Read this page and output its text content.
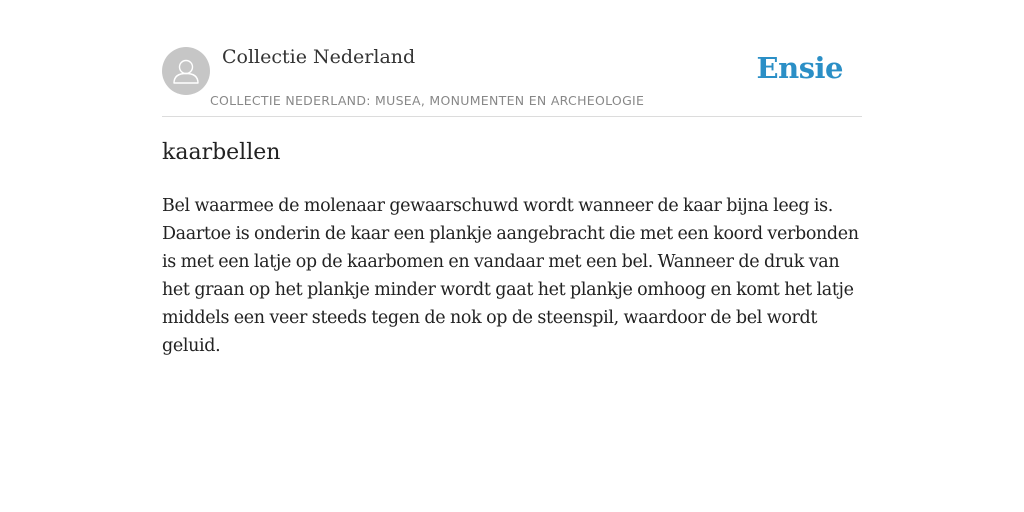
Collectie Nederland
COLLECTIE NEDERLAND: MUSEA, MONUMENTEN EN ARCHEOLOGIE
Ensie
kaarbellen

Bel waarmee de molenaar gewaarschuwd wordt wanneer de kaar bijna leeg is. Daartoe is onderin de kaar een plankje aangebracht die met een koord verbonden is met een latje op de kaarbomen en vandaar met een bel. Wanneer de druk van het graan op het plankje minder wordt gaat het plankje omhoog en komt het latje middels een veer steeds tegen de nok op de steenspil, waardoor de bel wordt geluid.
